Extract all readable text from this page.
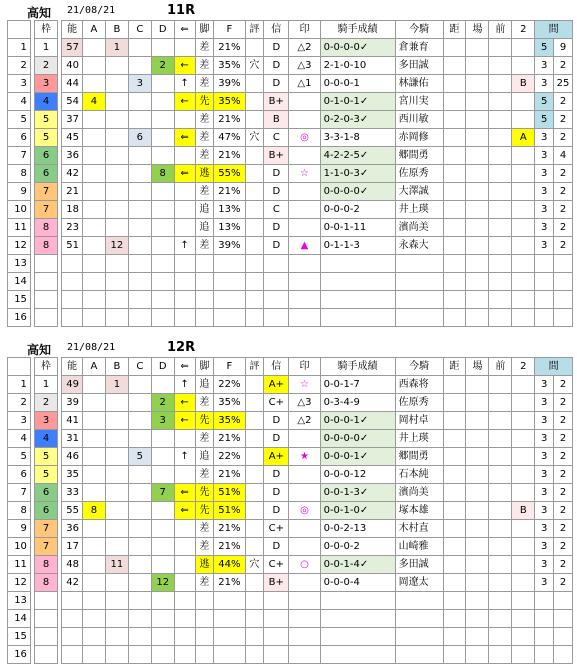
高知 21/08/21	11R
		枠		能	A	B	C	D	⇐	脚	F	評	信	印	騎手成績	今騎	距	場	前	2	間	
1		1		57		1				差	21%		D	△2	0-0-0-0✓	倉兼育					5	9
2		2		40				2	←	差	35%	穴	D	△3	2-1-0-10	多田誠					3	2
3		3		44			3		↑	差	39%		D	△1	0-0-0-1	林謙佑				B	3	25
4		4		54	4				←	先	35%		B+		0-1-0-1✓	宮川実					5	2
5		5		37						差	21%		B		0-2-0-3✓	西川敏					5	2
6		5		45			6		⇐	差	47%	穴	C	◎	3-3-1-8	赤岡修				A	3	2
7		6		36						差	21%		B+		4-2-2-5✓	郷間勇					3	4
8		6		42				8	⇐	逃	55%		D	☆	1-1-0-3✓	佐原秀					3	2
9		7		21						差	21%		D		0-0-0-0✓	大澤誠					3	2
10		7		18						追	13%		C		0-0-0-2	井上瑛					3	2
11		8		23						追	13%		D		0-0-1-11	濱尚美					3	2
12		8		51		12			↑	差	39%		D	▲	0-1-1-3	永森大					3	2
13																						
14																						
15																						
16																						
高知 21/08/21	12R
		枠		能	A	B	C	D	⇐	脚	F	評	信	印	騎手成績	今騎	距	場	前	2	間	
1		1		49		1			↑	追	22%		A+	☆	0-0-1-7	西森将					3	2
2		2		39				2	←	差	35%		C+	△3	0-3-4-9	佐原秀					3	2
3		3		41				3	←	先	35%		D	△2	0-0-0-1✓	岡村卓					3	2
4		4		31						差	21%		D		0-0-0-0✓	井上瑛					3	2
5		5		46			5		↑	追	22%		A+	★	0-0-0-1✓	郷間勇					3	2
6		5		35						差	21%		D		0-0-0-12	石本純					3	2
7		6		33				7	⇐	先	51%		D		0-0-1-3✓	濱尚美					3	2
8		6		55	8				⇐	先	51%		D	◎	0-0-1-0✓	塚本雄				B	3	2
9		7		36						差	21%		C+		0-0-2-13	木村直					3	2
10		7		17						差	21%		D		0-0-0-2	山崎雅					3	2
11		8		48		11				逃	44%	穴	C+	○	0-0-1-4✓	多田誠					3	2
12		8		42				12		差	21%		B+		0-0-0-4	岡遼太					3	2
13																						
14																						
15																						
16																						
